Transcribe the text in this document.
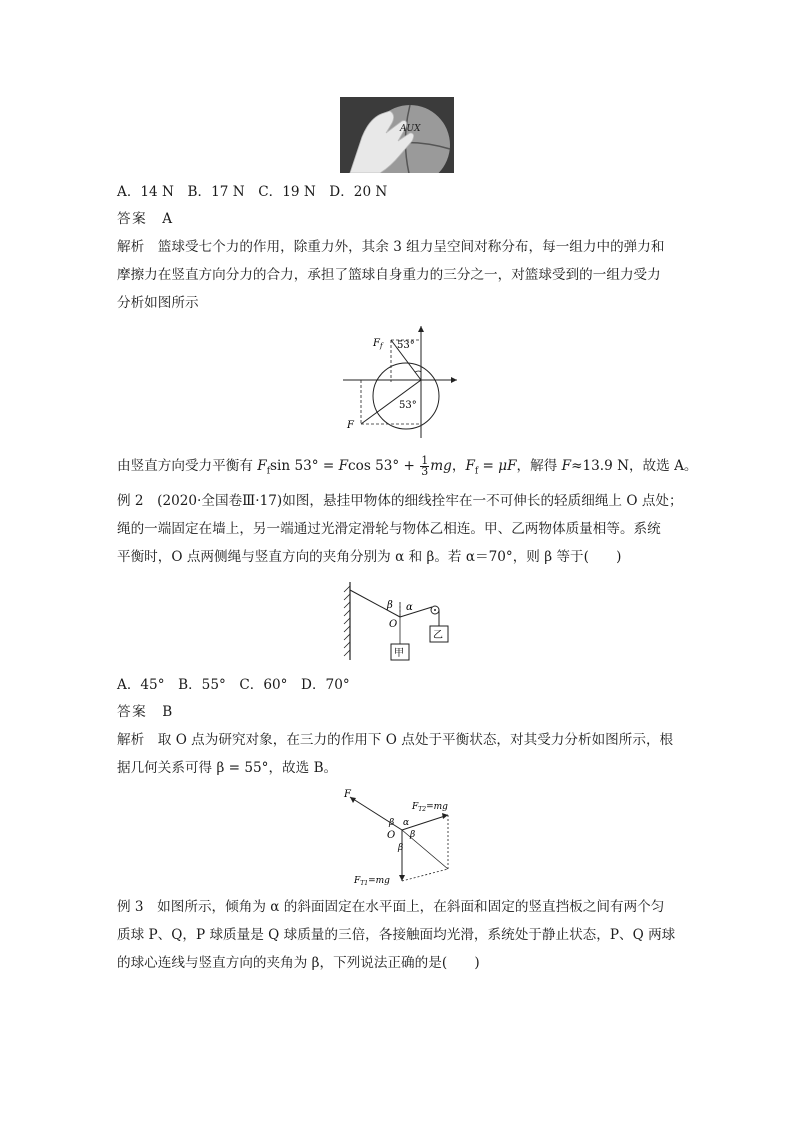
AUX
A．14 N　B．17 N　C．19 N　D．20 N
答案　A
解析　篮球受七个力的作用，除重力外，其余 3 组力呈空间对称分布，每一组力中的弹力和
摩擦力在竖直方向分力的合力，承担了篮球自身重力的三分之一，对篮球受到的一组力受力
分析如图所示
$F_f$ 53°
53°
F
由竖直方向受力平衡有 $F_f\sin$ 53° = Fcos $53^\circ + \frac{1}{3}$ mg，$F_f = \mu F$，解得 F≈13.9 N，故选 A。
例 2　(2020·全国卷Ⅲ·17)如图，悬挂甲物体的细线拴牢在一不可伸长的轻质细绳上 O 点处；
绳的一端固定在墙上，另一端通过光滑定滑轮与物体乙相连。甲、乙两物体质量相等。系统
平衡时，O 点两侧绳与竖直方向的夹角分别为 α 和 β。若 α＝70°，则 β 等于(　　)
β α
O
甲
乙
A．45°　B．55°　C．60°　D．70°
答案　B
解析　取 O 点为研究对象，在三力的作用下 O 点处于平衡状态，对其受力分析如图所示，根
据几何关系可得 β = 55°，故选 B。
F
$F_{T2}=mg$
$F_{T1}=mg$
O
β α
β
β
例 3　如图所示，倾角为 α 的斜面固定在水平面上，在斜面和固定的竖直挡板之间有两个匀
质球 P、Q，P 球质量是 Q 球质量的三倍，各接触面均光滑，系统处于静止状态，P、Q 两球
的球心连线与竖直方向的夹角为 β，下列说法正确的是(　　)
